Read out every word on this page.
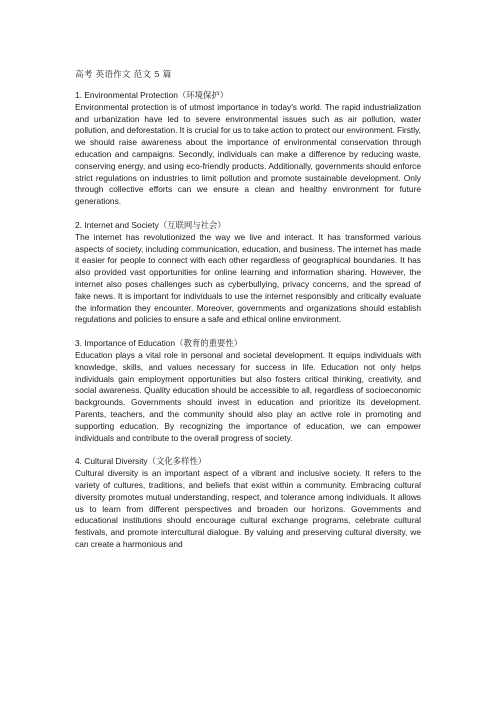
高考 英语作文 范文 5 篇

1. Environmental Protection（环境保护）

Environmental protection is of utmost importance in today's world. The rapid industrialization and urbanization have led to severe environmental issues such as air pollution, water pollution, and deforestation. It is crucial for us to take action to protect our environment. Firstly, we should raise awareness about the importance of environmental conservation through education and campaigns. Secondly, individuals can make a difference by reducing waste, conserving energy, and using eco-friendly products. Additionally, governments should enforce strict regulations on industries to limit pollution and promote sustainable development. Only through collective efforts can we ensure a clean and healthy environment for future generations.

2. Internet and Society（互联网与社会）

The internet has revolutionized the way we live and interact. It has transformed various aspects of society, including communication, education, and business. The internet has made it easier for people to connect with each other regardless of geographical boundaries. It has also provided vast opportunities for online learning and information sharing. However, the internet also poses challenges such as cyberbullying, privacy concerns, and the spread of fake news. It is important for individuals to use the internet responsibly and critically evaluate the information they encounter. Moreover, governments and organizations should establish regulations and policies to ensure a safe and ethical online environment.

3. Importance of Education（教育的重要性）

Education plays a vital role in personal and societal development. It equips individuals with knowledge, skills, and values necessary for success in life. Education not only helps individuals gain employment opportunities but also fosters critical thinking, creativity, and social awareness. Quality education should be accessible to all, regardless of socioeconomic backgrounds. Governments should invest in education and prioritize its development. Parents, teachers, and the community should also play an active role in promoting and supporting education. By recognizing the importance of education, we can empower individuals and contribute to the overall progress of society.

4. Cultural Diversity（文化多样性）

Cultural diversity is an important aspect of a vibrant and inclusive society. It refers to the variety of cultures, traditions, and beliefs that exist within a community. Embracing cultural diversity promotes mutual understanding, respect, and tolerance among individuals. It allows us to learn from different perspectives and broaden our horizons. Governments and educational institutions should encourage cultural exchange programs, celebrate cultural festivals, and promote intercultural dialogue. By valuing and preserving cultural diversity, we can create a harmonious and
